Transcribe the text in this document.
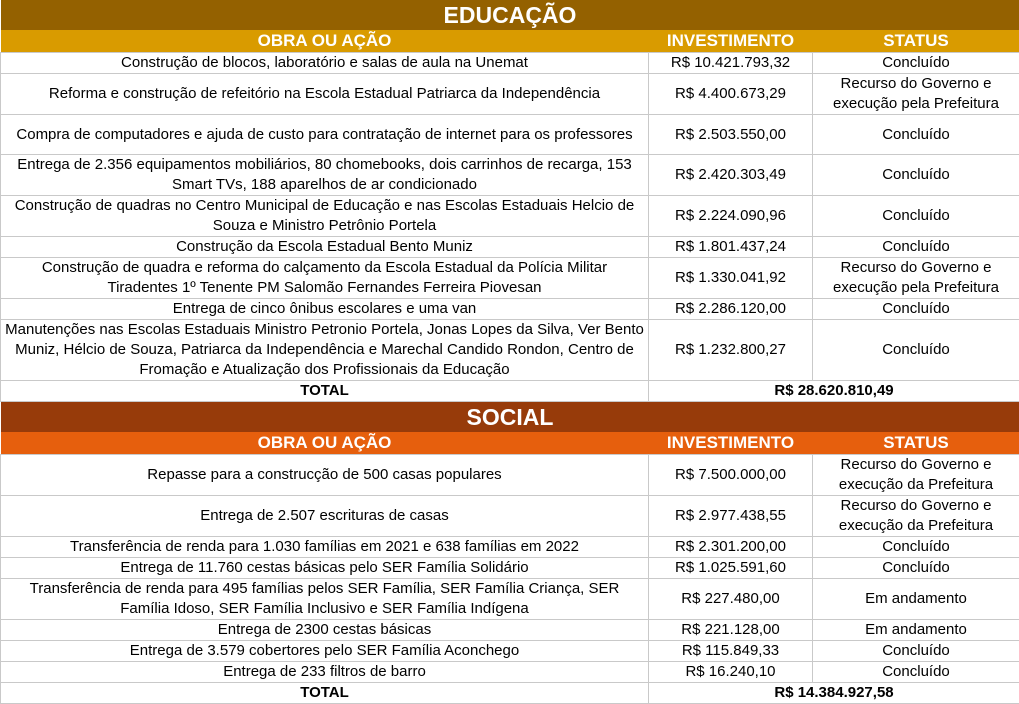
EDUCAÇÃO		
OBRA OU AÇÃO	INVESTIMENTO	STATUS
Construção de blocos, laboratório e salas de aula na Unemat	R$ 10.421.793,32	Concluído
Reforma e construção de refeitório na Escola Estadual Patriarca da Independência	R$ 4.400.673,29	Recurso do Governo e execução pela Prefeitura
Compra de computadores e ajuda de custo para contratação de internet para os professores	R$ 2.503.550,00	Concluído
Entrega de 2.356 equipamentos mobiliários, 80 chomebooks, dois carrinhos de recarga, 153 Smart TVs, 188 aparelhos de ar condicionado	R$ 2.420.303,49	Concluído
Construção de quadras no Centro Municipal de Educação e nas Escolas Estaduais Helcio de Souza e Ministro Petrônio Portela	R$ 2.224.090,96	Concluído
Construção da Escola Estadual Bento Muniz	R$ 1.801.437,24	Concluído
Construção de quadra e reforma do calçamento da Escola Estadual da Polícia Militar Tiradentes 1º Tenente PM Salomão Fernandes Ferreira Piovesan	R$ 1.330.041,92	Recurso do Governo e execução pela Prefeitura
Entrega de cinco ônibus escolares e uma van	R$ 2.286.120,00	Concluído
Manutenções nas Escolas Estaduais Ministro Petronio Portela, Jonas Lopes da Silva, Ver Bento Muniz, Hélcio de Souza, Patriarca da Independência e Marechal Candido Rondon, Centro de Fromação e Atualização dos Profissionais da Educação	R$ 1.232.800,27	Concluído
TOTAL	R$ 28.620.810,49	
SOCIAL		
OBRA OU AÇÃO	INVESTIMENTO	STATUS
Repasse para a construcção de 500 casas populares	R$ 7.500.000,00	Recurso do Governo e execução da Prefeitura
Entrega de 2.507 escrituras de casas	R$ 2.977.438,55	Recurso do Governo e execução da Prefeitura
Transferência de renda para 1.030 famílias em 2021 e 638 famílias em 2022	R$ 2.301.200,00	Concluído
Entrega de 11.760 cestas básicas pelo SER Família Solidário	R$ 1.025.591,60	Concluído
Transferência de renda para 495 famílias pelos SER Família, SER Família Criança, SER Família Idoso, SER Família Inclusivo e SER Família Indígena	R$ 227.480,00	Em andamento
Entrega de 2300 cestas básicas	R$ 221.128,00	Em andamento
Entrega de 3.579 cobertores pelo SER Família Aconchego	R$ 115.849,33	Concluído
Entrega de 233 filtros de barro	R$ 16.240,10	Concluído
TOTAL	R$ 14.384.927,58	
